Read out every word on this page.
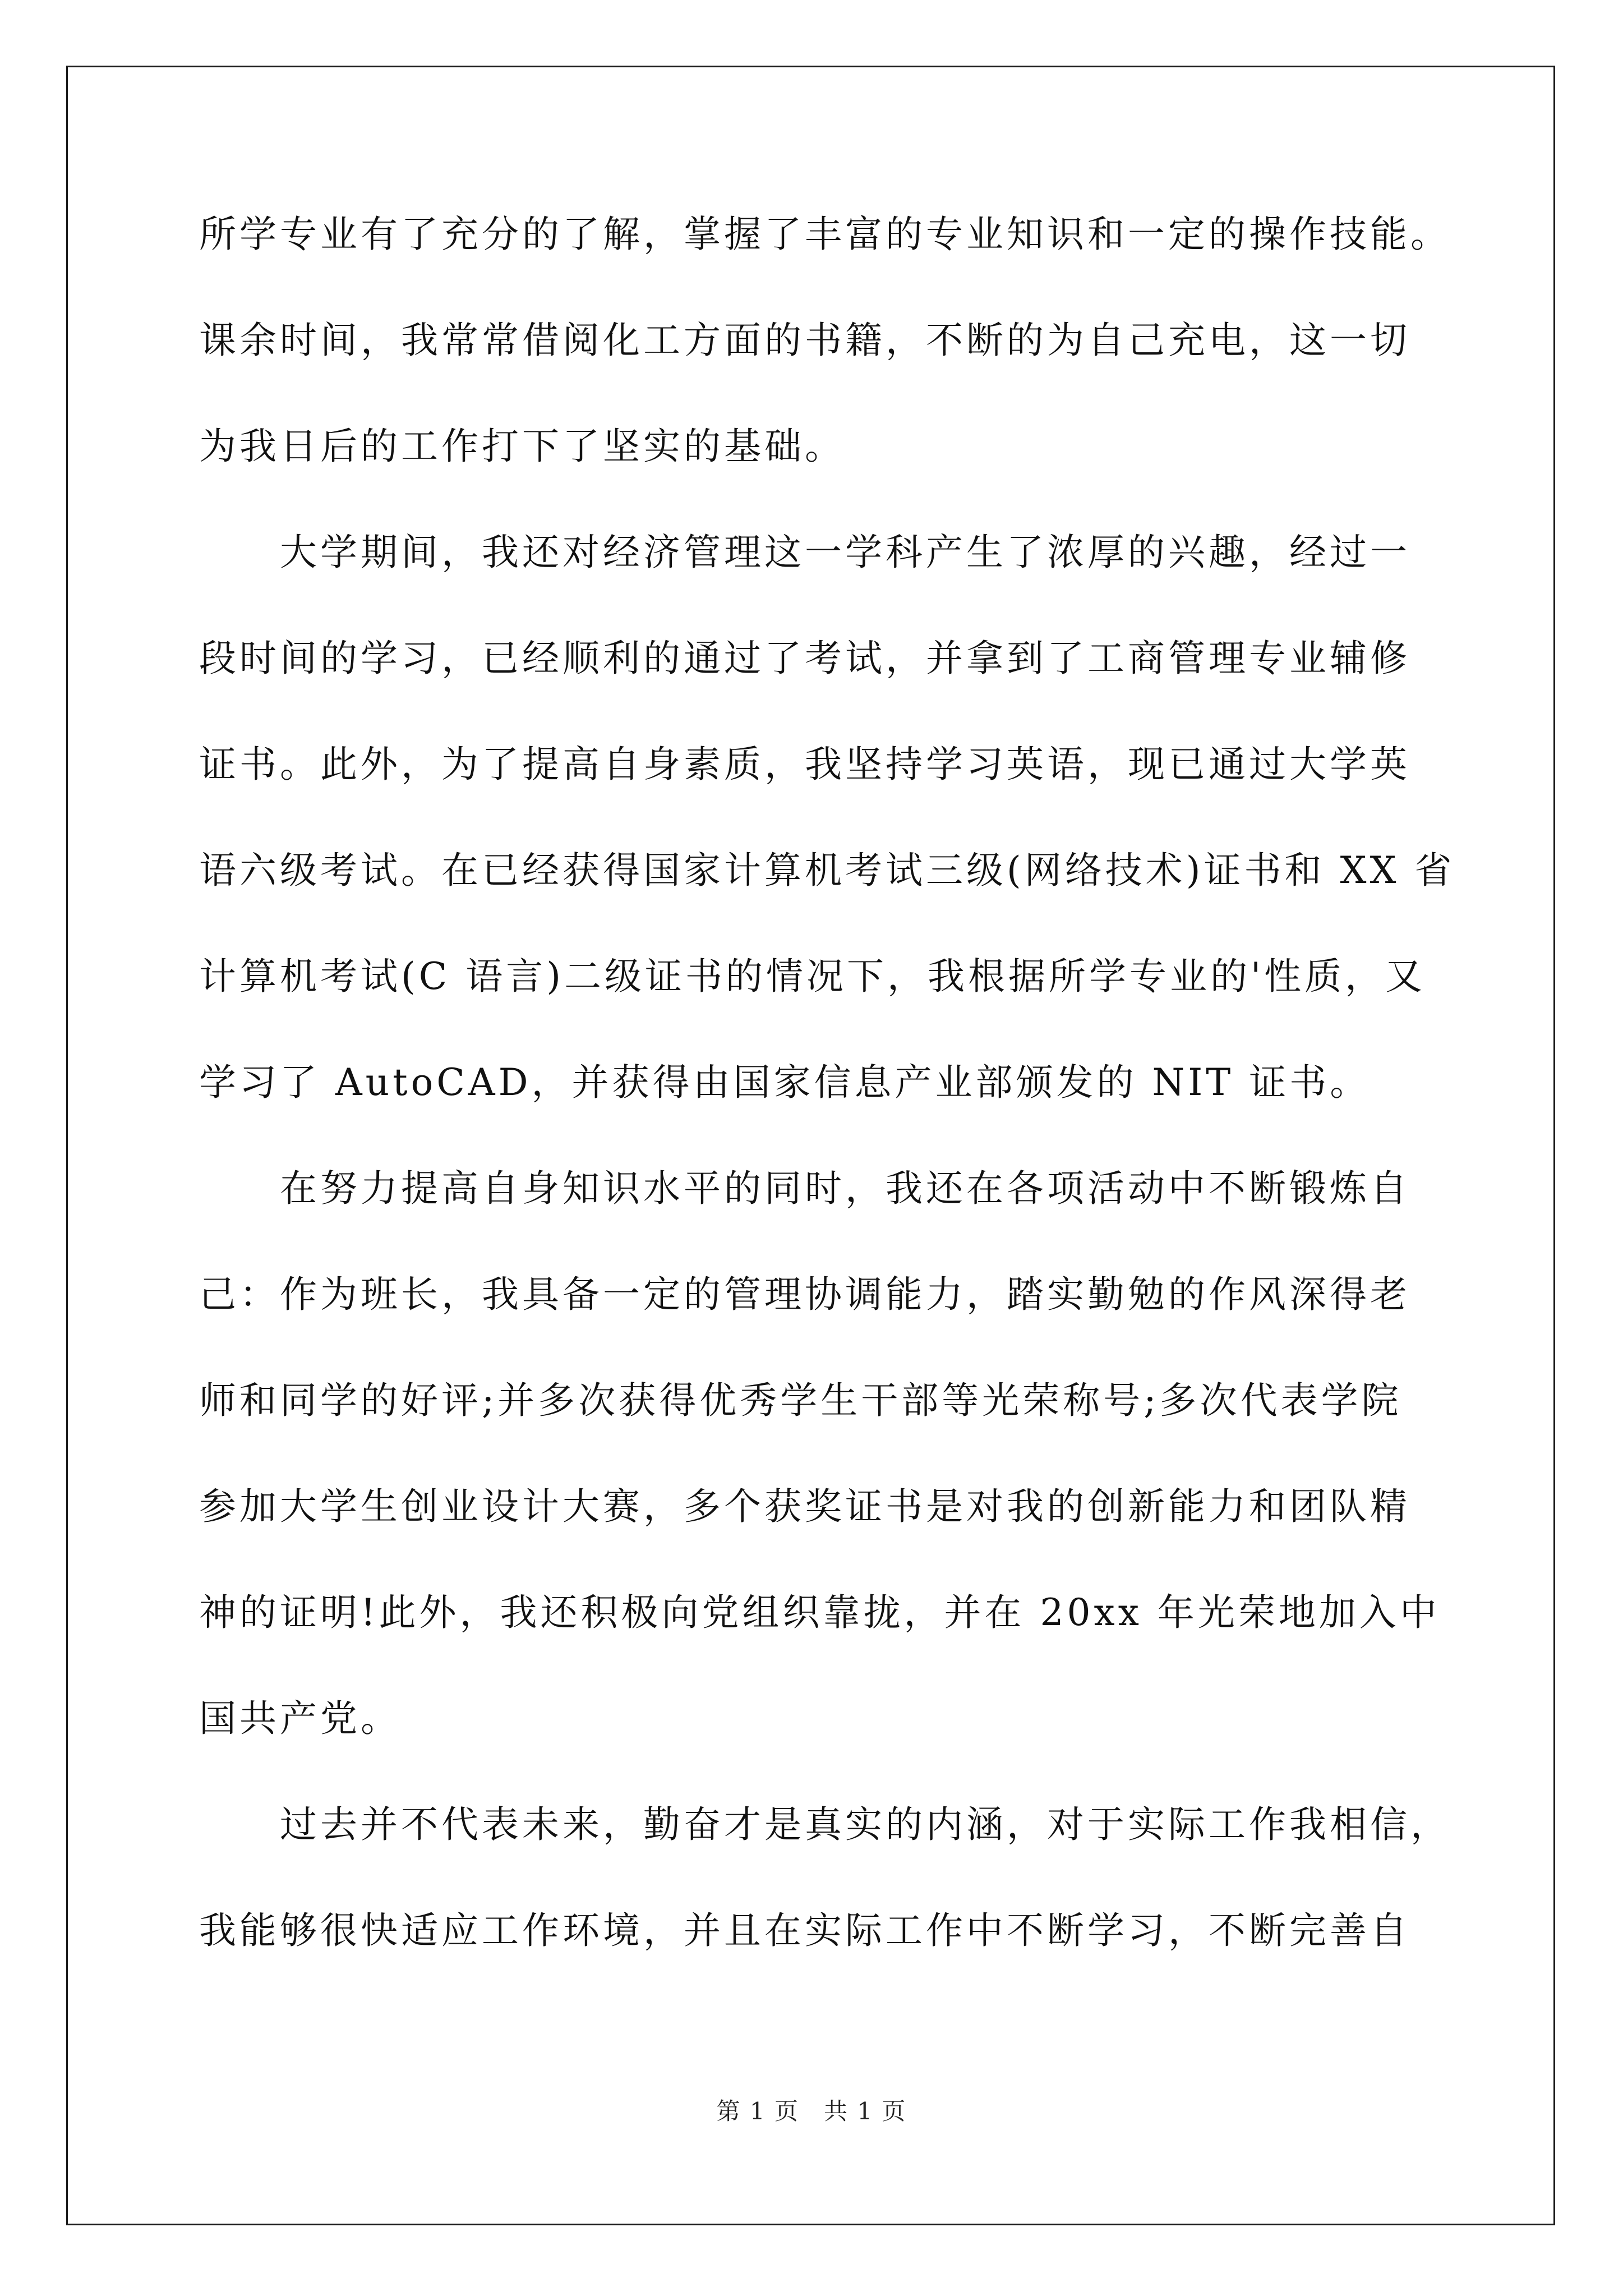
所学专业有了充分的了解，掌握了丰富的专业知识和一定的操作技能。
课余时间，我常常借阅化工方面的书籍，不断的为自己充电，这一切
为我日后的工作打下了坚实的基础。
　　大学期间，我还对经济管理这一学科产生了浓厚的兴趣，经过一
段时间的学习，已经顺利的通过了考试，并拿到了工商管理专业辅修
证书。此外，为了提高自身素质，我坚持学习英语，现已通过大学英
语六级考试。在已经获得国家计算机考试三级(网络技术)证书和 XX 省
计算机考试(C 语言)二级证书的情况下，我根据所学专业的'性质，又
学习了 AutoCAD，并获得由国家信息产业部颁发的 NIT 证书。
　　在努力提高自身知识水平的同时，我还在各项活动中不断锻炼自
己：作为班长，我具备一定的管理协调能力，踏实勤勉的作风深得老
师和同学的好评;并多次获得优秀学生干部等光荣称号;多次代表学院
参加大学生创业设计大赛，多个获奖证书是对我的创新能力和团队精
神的证明!此外，我还积极向党组织靠拢，并在 20xx 年光荣地加入中
国共产党。
　　过去并不代表未来，勤奋才是真实的内涵，对于实际工作我相信，
我能够很快适应工作环境，并且在实际工作中不断学习，不断完善自
第 1 页　共 1 页
